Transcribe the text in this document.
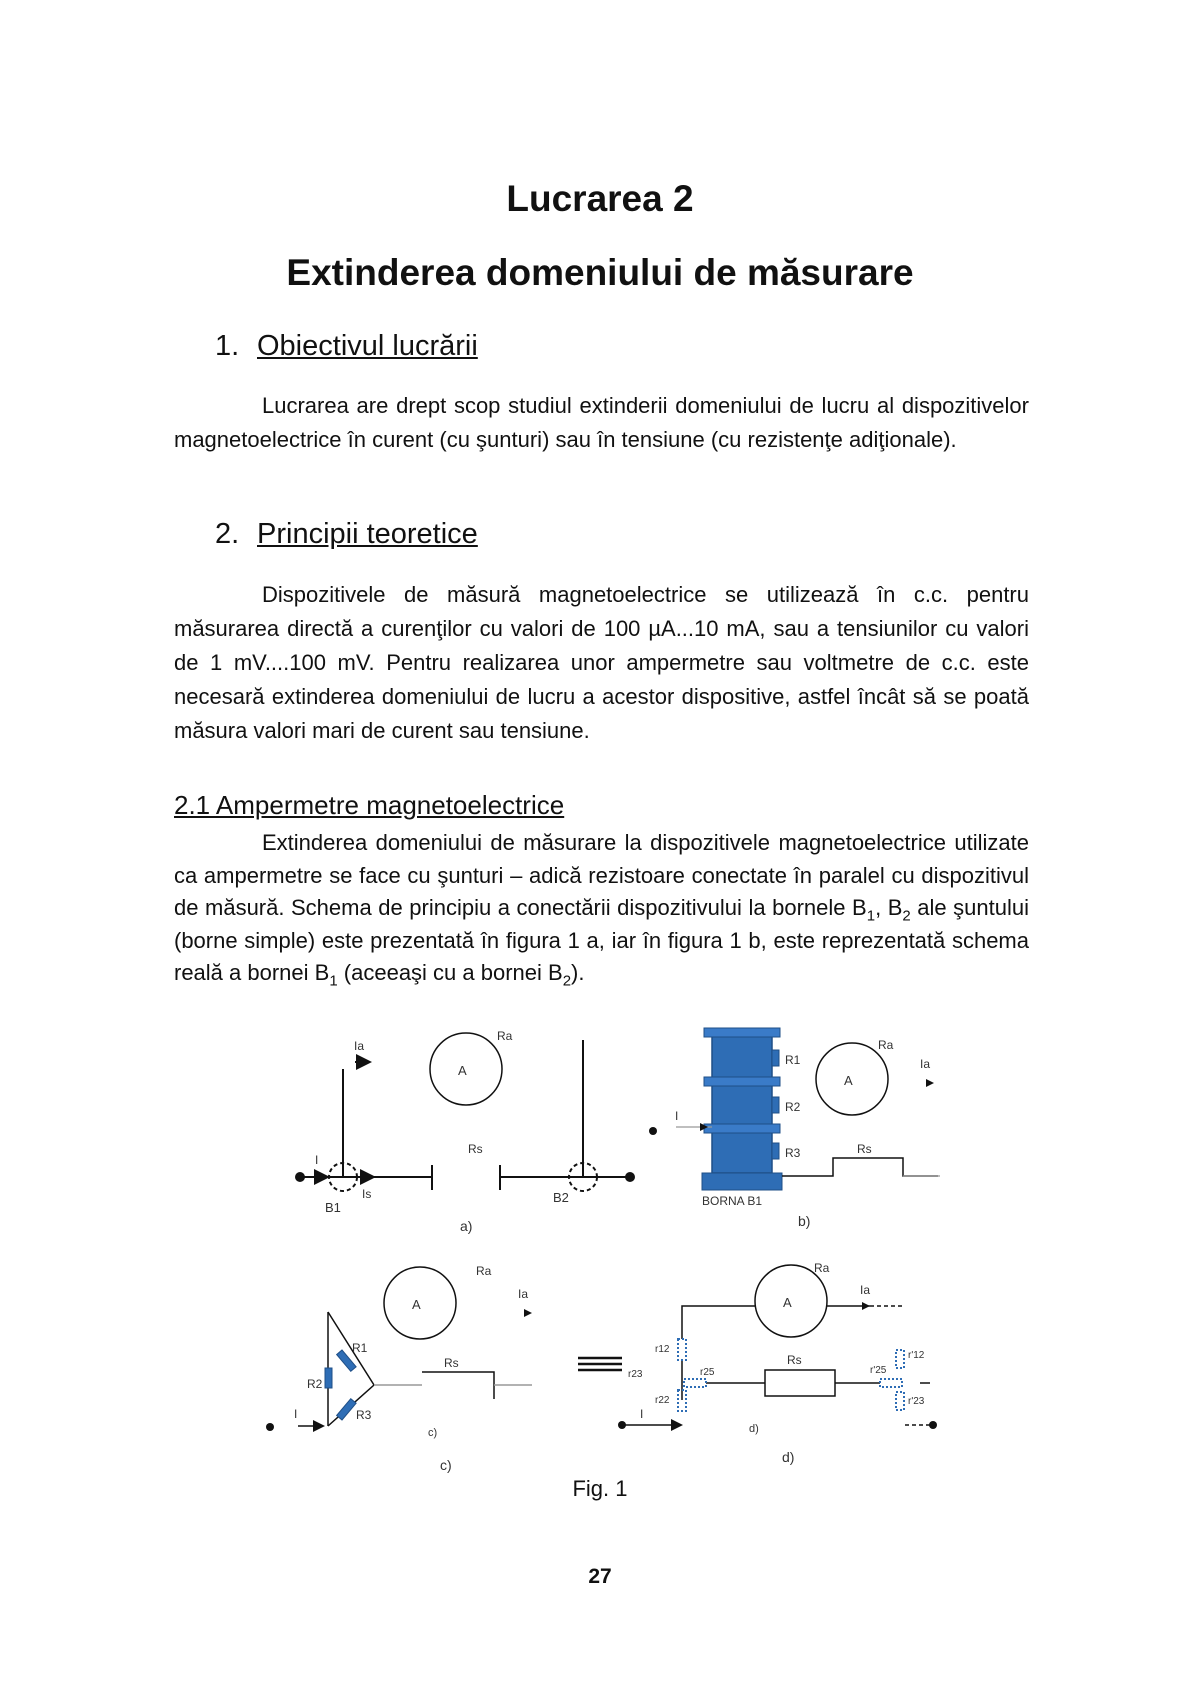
Lucrarea 2
Extinderea domeniului de măsurare
1. Obiectivul lucrării
Lucrarea are drept scop studiul extinderii domeniului de lucru al dispozitivelor magnetoelectrice în curent (cu şunturi) sau în tensiune (cu rezistenţe adiţionale).
2. Principii teoretice
Dispozitivele de măsură magnetoelectrice se utilizează în c.c. pentru măsurarea directă a curenţilor cu valori de 100 µA...10 mA, sau a tensiunilor cu valori de 1 mV....100 mV. Pentru realizarea unor ampermetre sau voltmetre de c.c. este necesară extinderea domeniului de lucru a acestor dispositive, astfel încât să se poată măsura valori mari de curent sau tensiune.
2.1 Ampermetre magnetoelectrice
Extinderea domeniului de măsurare la dispozitivele magnetoelectrice utilizate ca ampermetre se face cu şunturi – adică rezistoare conectate în paralel cu dispozitivul de măsură. Schema de principiu a conectării dispozitivului la bornele $B_1$, $B_2$ ale şuntului (borne simple) este prezentată în figura 1 a, iar în figura 1 b, este reprezentată schema reală a bornei $B_1$ (aceeaşi cu a bornei $B_2$).
A
Ra
Ia
Rs
I
Is
B1
B2
a)
R1
R2
R3
A
Ra
Ia
Rs
I
BORNA B1
b)
A
Ra
Ia
Rs
R1
R2
R3
I
c)
c)
A
Ra
Ia
Rs
r12
r23	r25
r22
r'25
r'12
r'23
I
d)
d)
Fig. 1
27
